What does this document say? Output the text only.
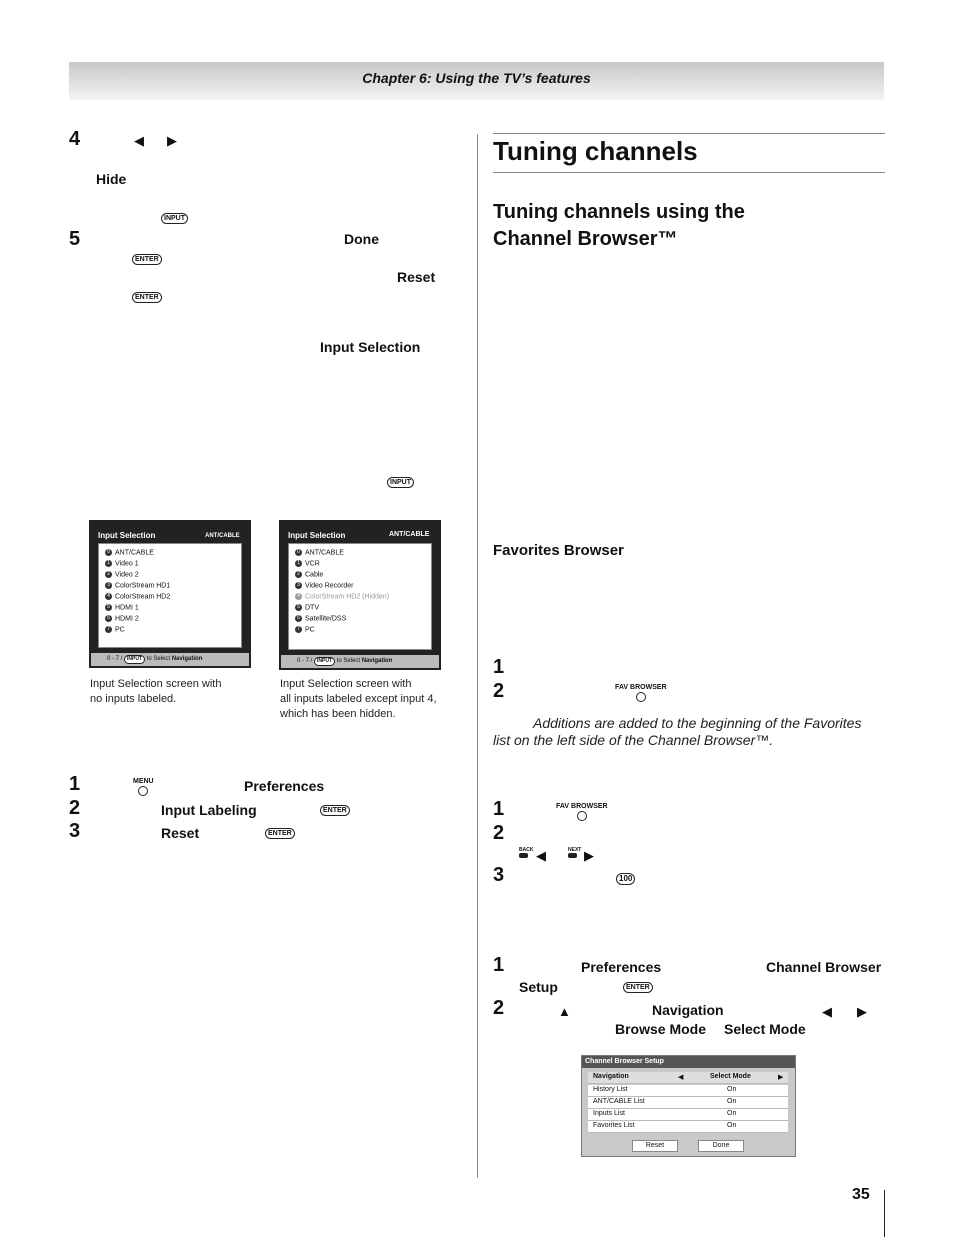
Chapter 6: Using the TV’s features
4	◀ ▶
Hide
INPUT
5	Done
ENTER
Reset
ENTER
Input Selection
INPUT
Input Selection	ANT/CABLE
0 ANT/CABLE
1 Video 1
2 Video 2
3 ColorStream HD1
4 ColorStream HD2
5 HDMI 1
6 HDMI 2
7 PC
0 - 7 / INPUT to Select Navigation
Input Selection screen with
no inputs labeled.
Input Selection	ANT/CABLE
0 ANT/CABLE
1 VCR
2 Cable
3 Video Recorder
4 ColorStream HD2 (Hidden)
5 DTV
6 Satellite/DSS
7 PC
0 - 7 / INPUT to Select Navigation
Input Selection screen with
all inputs labeled except input 4,
which has been hidden.
1	MENU	Preferences
2	Input Labeling	ENTER
3	Reset	ENTER
Tuning channels
Tuning channels using the
Channel Browser™
Favorites Browser
1
2	FAV BROWSER
Additions are added to the beginning of the Favorites list on the left side of the Channel Browser™.
1	FAV BROWSER
2
BACK ◀	NEXT ▶
3	100
1	Preferences	Channel Browser
Setup	ENTER
2	▲	Navigation	◀ ▶
Browse Mode Select Mode
Channel Browser Setup
Navigation	◀	Select Mode	▶
History List	On
ANT/CABLE List	On
Inputs List	On
Favorites List	On
Reset	Done
35
